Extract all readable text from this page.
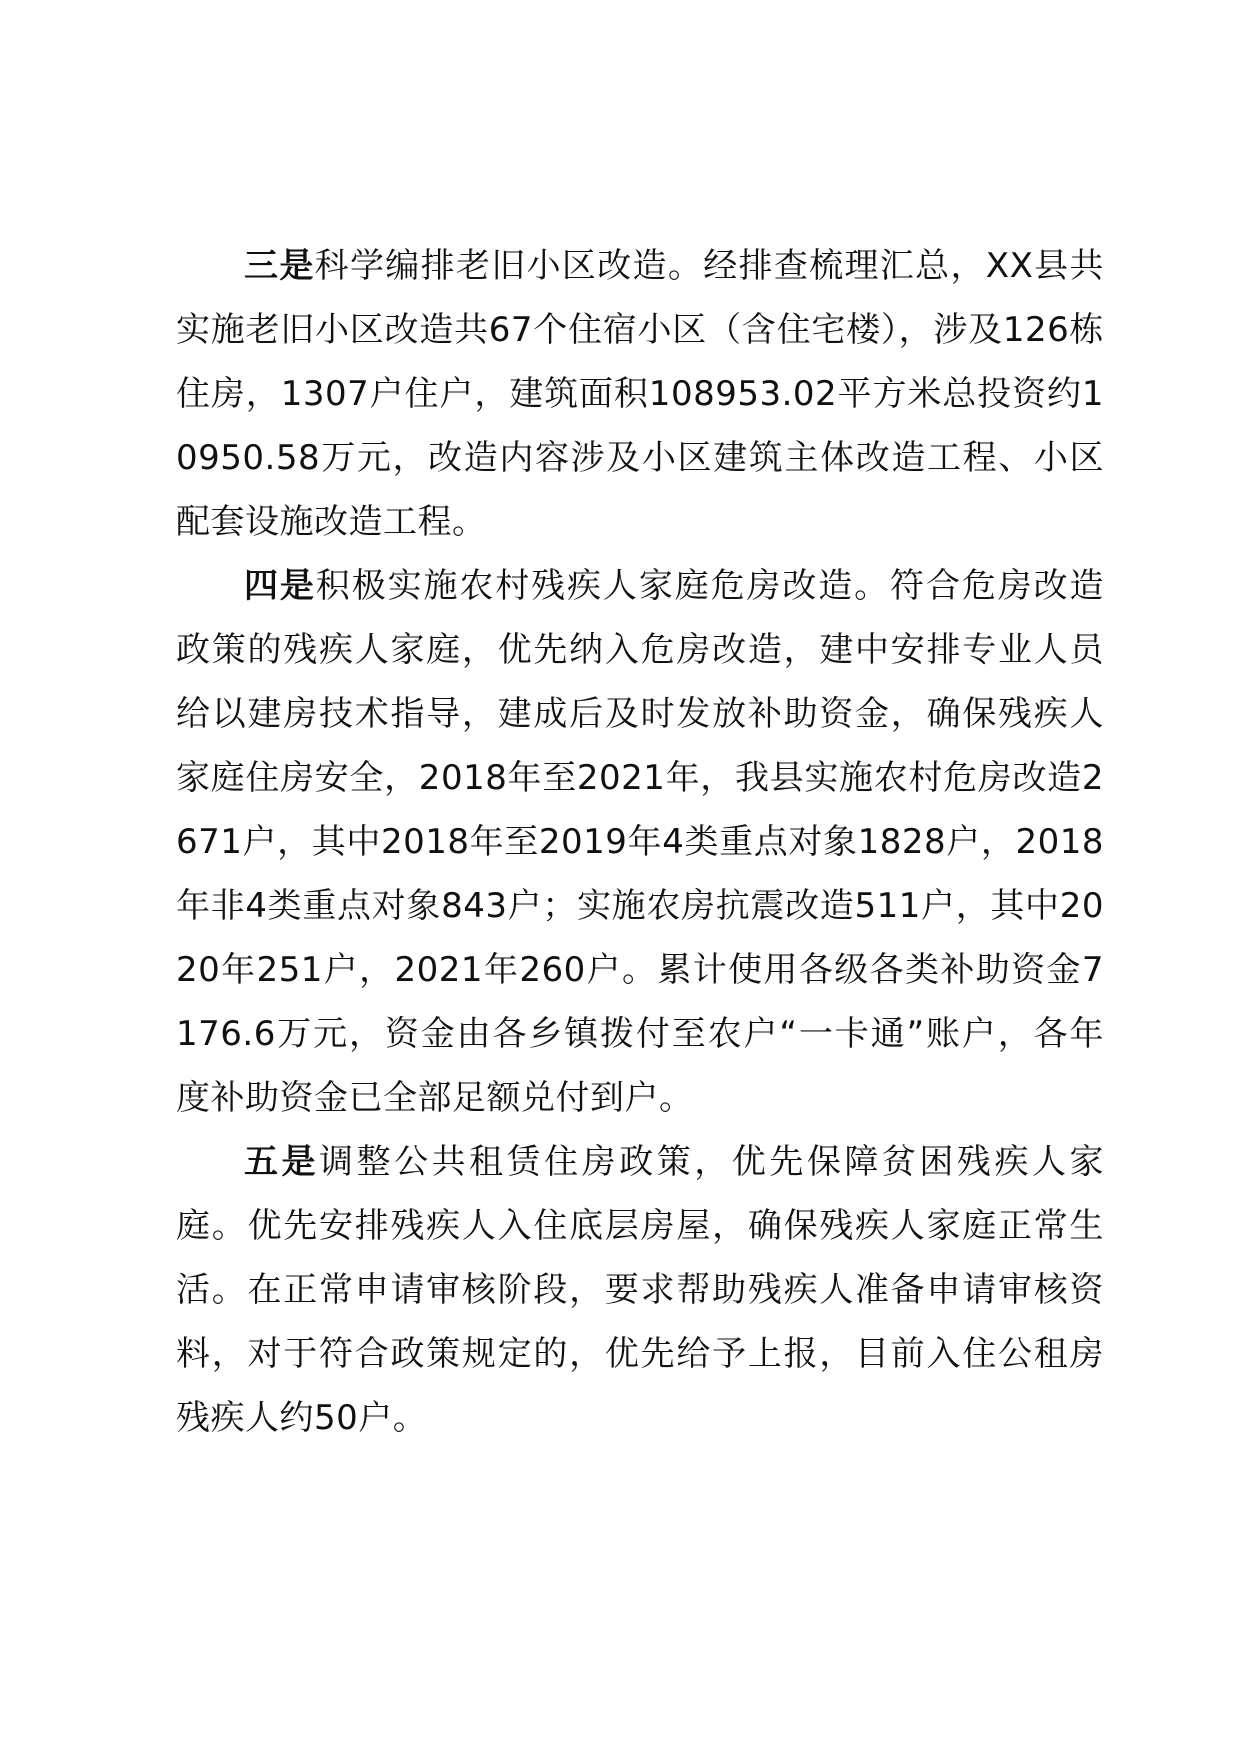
三是科学编排老旧小区改造。经排查梳理汇总，XX县共实施老旧小区改造共67个住宿小区（含住宅楼），涉及126栋住房，1307户住户，建筑面积108953.02平方米总投资约10950.58万元，改造内容涉及小区建筑主体改造工程、小区配套设施改造工程。

四是积极实施农村残疾人家庭危房改造。符合危房改造政策的残疾人家庭，优先纳入危房改造，建中安排专业人员给以建房技术指导，建成后及时发放补助资金，确保残疾人家庭住房安全，2018年至2021年，我县实施农村危房改造2671户，其中2018年至2019年4类重点对象1828户，2018年非4类重点对象843户；实施农房抗震改造511户，其中2020年251户，2021年260户。累计使用各级各类补助资金7176.6万元，资金由各乡镇拨付至农户“一卡通”账户，各年度补助资金已全部足额兑付到户。

五是调整公共租赁住房政策，优先保障贫困残疾人家庭。优先安排残疾人入住底层房屋，确保残疾人家庭正常生活。在正常申请审核阶段，要求帮助残疾人准备申请审核资料，对于符合政策规定的，优先给予上报，目前入住公租房残疾人约50户。
